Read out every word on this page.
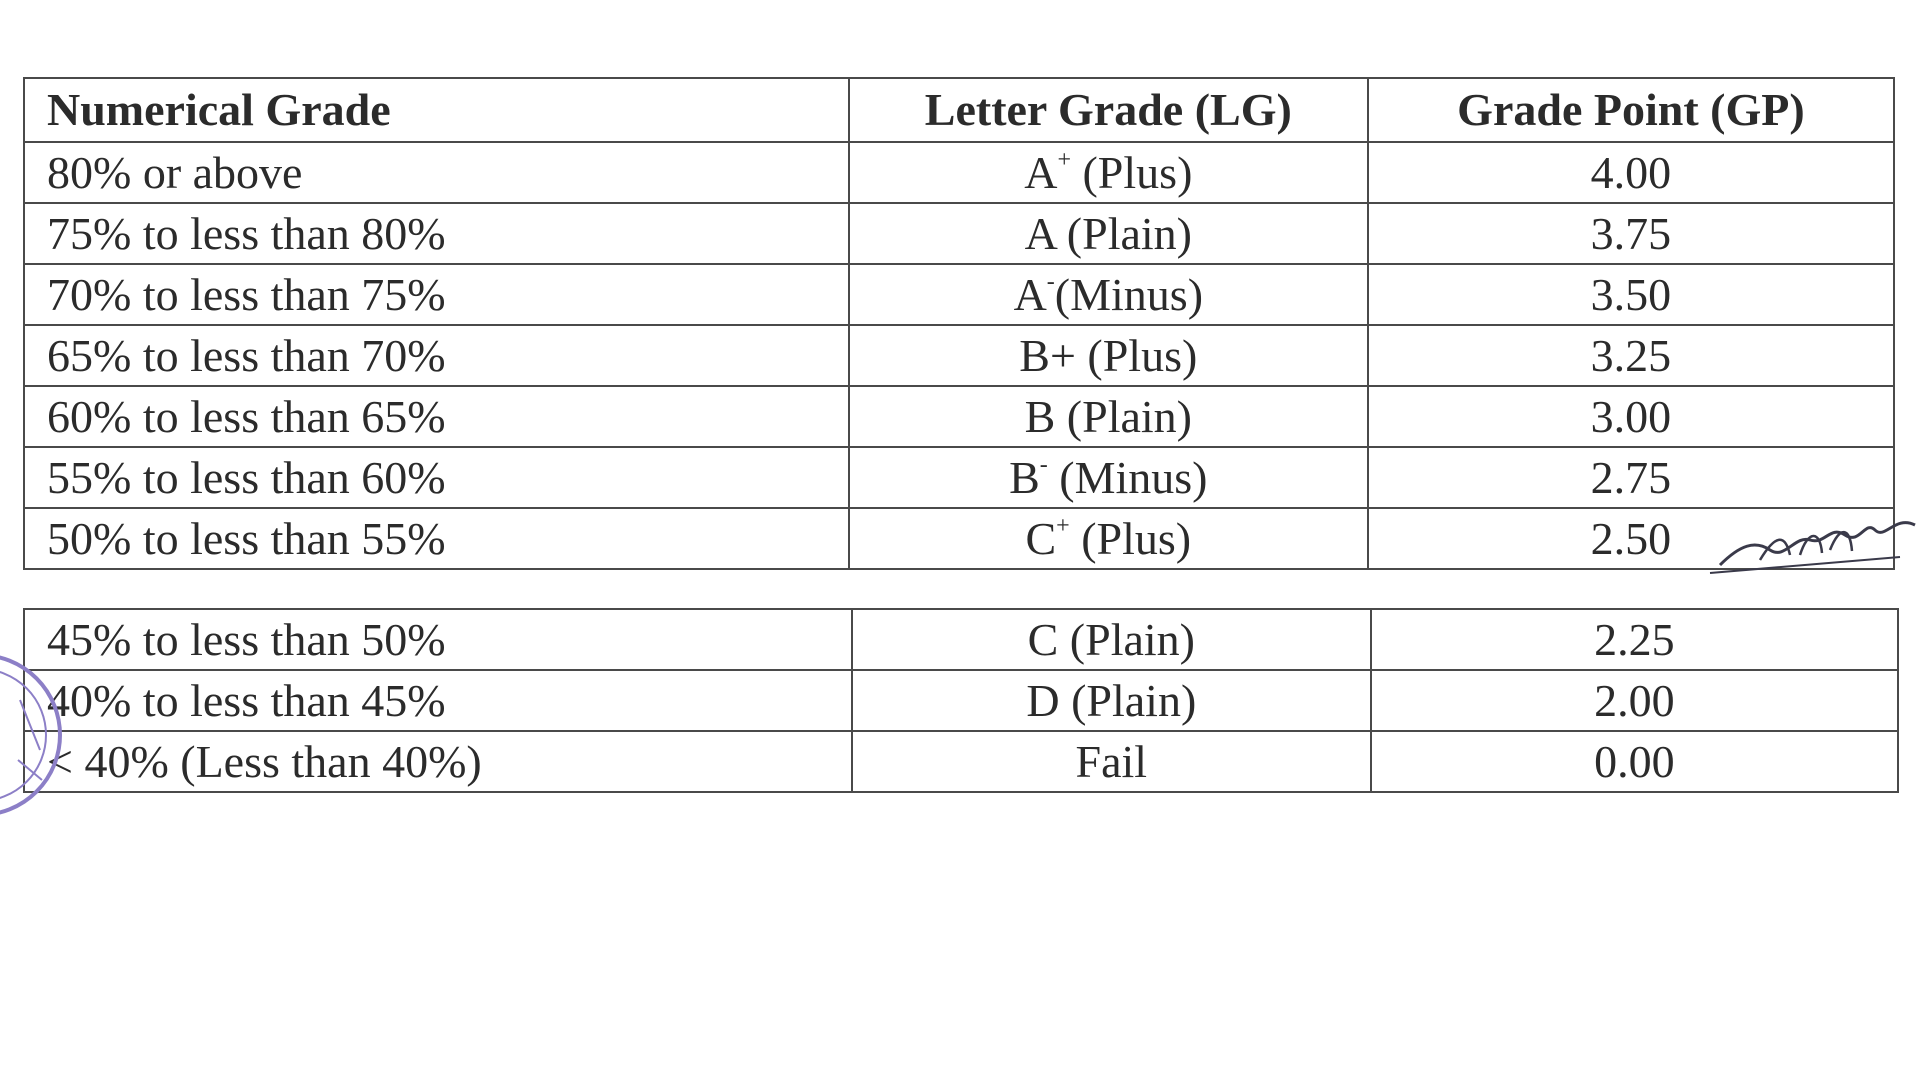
Numerical Grade	Letter Grade (LG)	Grade Point (GP)
80% or above	A+ (Plus)	4.00
75% to less than 80%	A (Plain)	3.75
70% to less than 75%	A-(Minus)	3.50
65% to less than 70%	B+ (Plus)	3.25
60% to less than 65%	B (Plain)	3.00
55% to less than 60%	B- (Minus)	2.75
50% to less than 55%	C+ (Plus)	2.50
45% to less than 50%	C (Plain)	2.25
40% to less than 45%	D (Plain)	2.00
< 40% (Less than 40%)	Fail	0.00
